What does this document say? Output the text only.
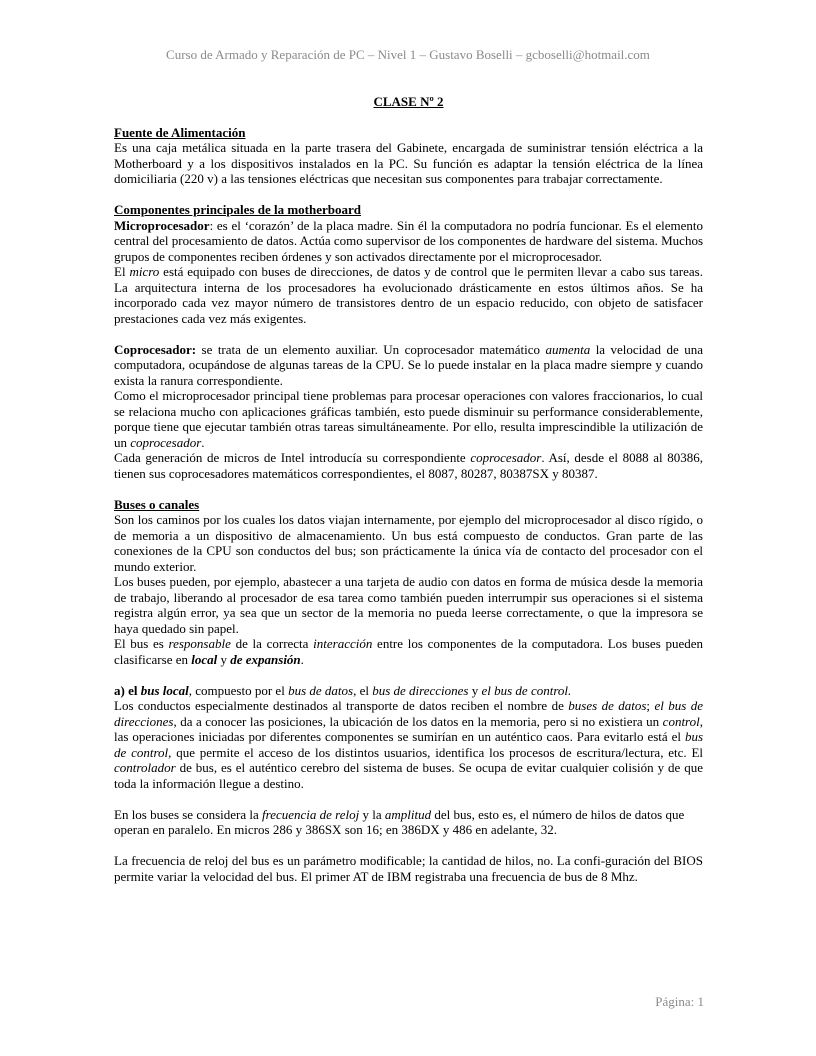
Curso de Armado y Reparación de PC – Nivel 1 – Gustavo Boselli – gcboselli@hotmail.com
CLASE Nº 2
Fuente de Alimentación

Es una caja metálica situada en la parte trasera del Gabinete, encargada de suministrar tensión eléctrica a la Motherboard y a los dispositivos instalados en la PC. Su función es adaptar la tensión eléctrica de la línea domiciliaria (220 v) a las tensiones eléctricas que necesitan sus componentes para trabajar correctamente.

Componentes principales de la motherboard

Microprocesador: es el ‘corazón’ de la placa madre. Sin él la computadora no podría funcionar. Es el elemento central del procesamiento de datos. Actúa como supervisor de los componentes de hardware del sistema. Muchos grupos de componentes reciben órdenes y son activados directamente por el microprocesador.

El micro está equipado con buses de direcciones, de datos y de control que le permiten llevar a cabo sus tareas. La arquitectura interna de los procesadores ha evolucionado drásticamente en estos últimos años. Se ha incorporado cada vez mayor número de transistores dentro de un espacio reducido, con objeto de satisfacer prestaciones cada vez más exigentes.

Coprocesador: se trata de un elemento auxiliar. Un coprocesador matemático aumenta la velocidad de una computadora, ocupándose de algunas tareas de la CPU. Se lo puede instalar en la placa madre siempre y cuando exista la ranura correspondiente.

Como el microprocesador principal tiene problemas para procesar operaciones con valores fraccionarios, lo cual se relaciona mucho con aplicaciones gráficas también, esto puede disminuir su performance considerablemente, porque tiene que ejecutar también otras tareas simultáneamente. Por ello, resulta imprescindible la utilización de un coprocesador.

Cada generación de micros de Intel introducía su correspondiente coprocesador. Así, desde el 8088 al 80386, tienen sus coprocesadores matemáticos correspondientes, el 8087, 80287, 80387SX y 80387.

Buses o canales

Son los caminos por los cuales los datos viajan internamente, por ejemplo del microprocesador al disco rígido, o de memoria a un dispositivo de almacenamiento. Un bus está compuesto de conductos. Gran parte de las conexiones de la CPU son conductos del bus; son prácticamente la única vía de contacto del procesador con el mundo exterior.

Los buses pueden, por ejemplo, abastecer a una tarjeta de audio con datos en forma de música desde la memoria de trabajo, liberando al procesador de esa tarea como también pueden interrumpir sus operaciones si el sistema registra algún error, ya sea que un sector de la memoria no pueda leerse correctamente, o que la impresora se haya quedado sin papel.

El bus es responsable de la correcta interacción entre los componentes de la computadora. Los buses pueden clasificarse en local y de expansión.

a) el bus local, compuesto por el bus de datos, el bus de direcciones y el bus de control.

Los conductos especialmente destinados al transporte de datos reciben el nombre de buses de datos; el bus de direcciones, da a conocer las posiciones, la ubicación de los datos en la memoria, pero si no existiera un control, las operaciones iniciadas por diferentes componentes se sumirían en un auténtico caos. Para evitarlo está el bus de control, que permite el acceso de los distintos usuarios, identifica los procesos de escritura/lectura, etc. El controlador de bus, es el auténtico cerebro del sistema de buses. Se ocupa de evitar cualquier colisión y de que toda la información llegue a destino.

En los buses se considera la frecuencia de reloj y la amplitud del bus, esto es, el número de hilos de datos que operan en paralelo. En micros 286 y 386SX son 16; en 386DX y 486 en adelante, 32.

La frecuencia de reloj del bus es un parámetro modificable; la cantidad de hilos, no. La confi-guración del BIOS permite variar la velocidad del bus. El primer AT de IBM registraba una frecuencia de bus de 8 Mhz.

Página: 1
